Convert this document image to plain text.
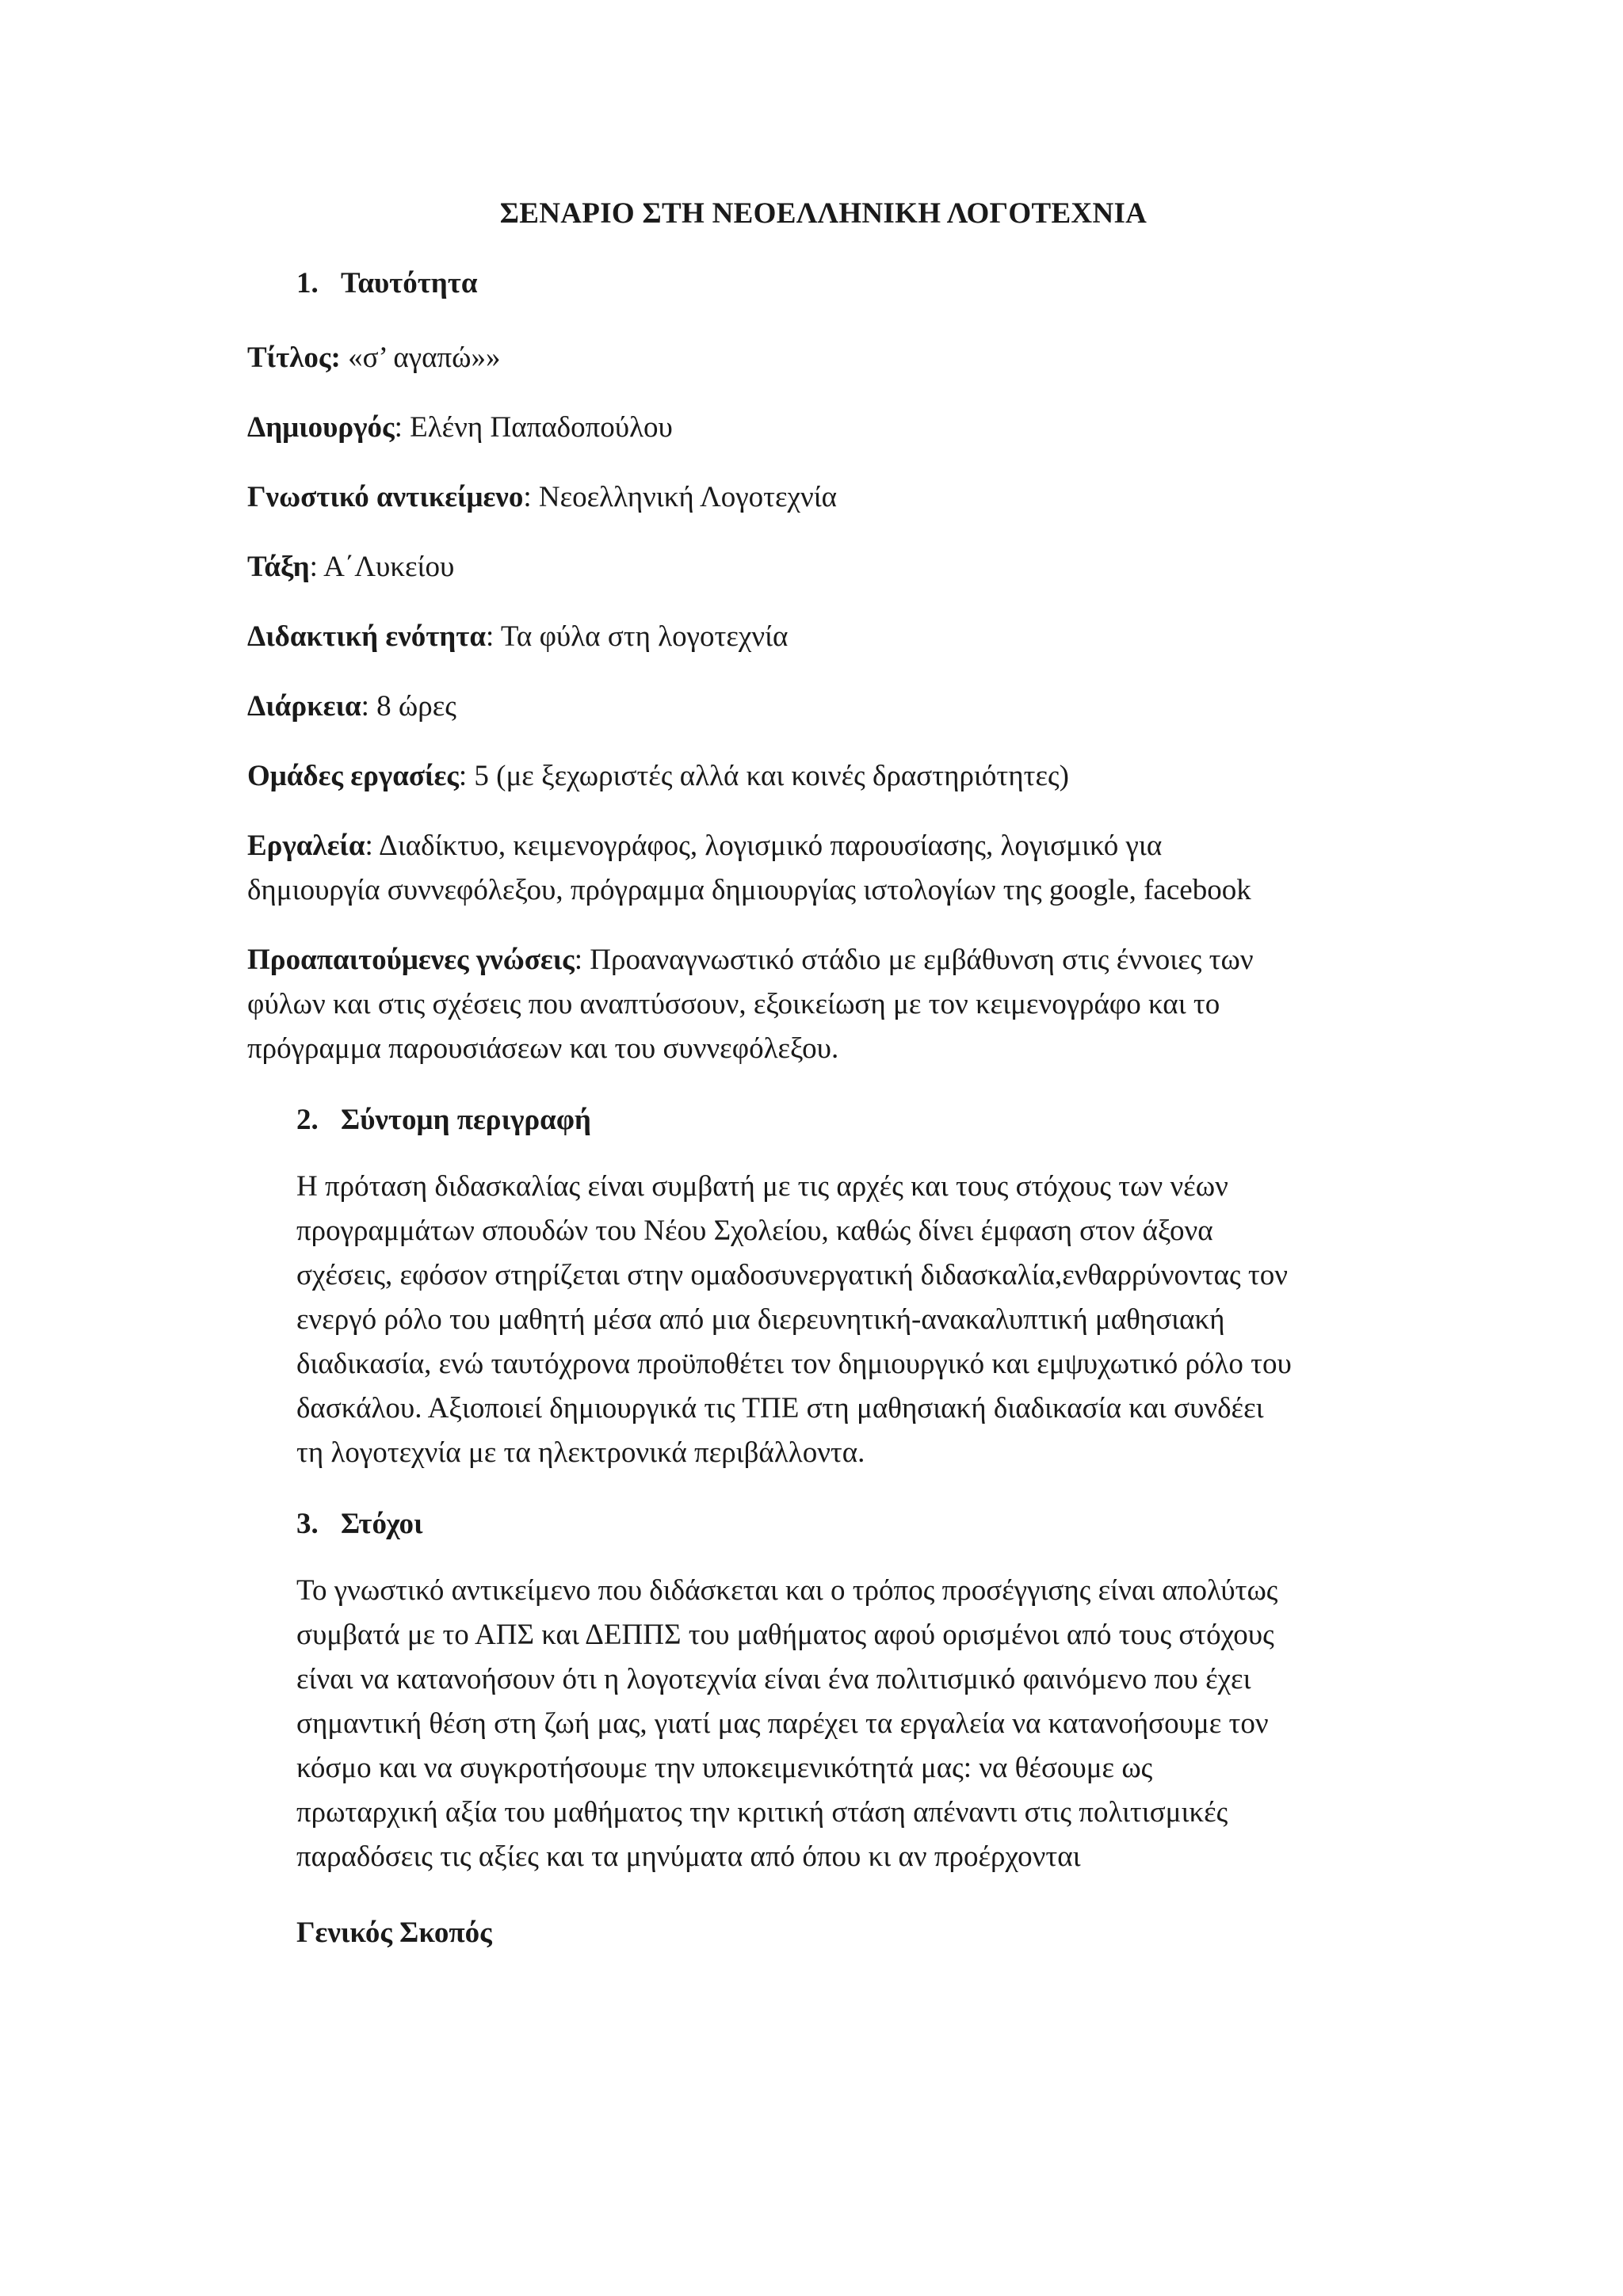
ΣΕΝΑΡΙΟ ΣΤΗ ΝΕΟΕΛΛΗΝΙΚΗ ΛΟΓΟΤΕΧΝΙΑ
1. Ταυτότητα
Τίτλος: «σ’ αγαπώ»»
Δημιουργός: Ελένη Παπαδοπούλου
Γνωστικό αντικείμενο: Νεοελληνική Λογοτεχνία
Τάξη: Α΄Λυκείου
Διδακτική ενότητα: Τα φύλα στη λογοτεχνία
Διάρκεια: 8 ώρες
Ομάδες εργασίες: 5 (με ξεχωριστές αλλά και κοινές δραστηριότητες)
Εργαλεία: Διαδίκτυο, κειμενογράφος, λογισμικό παρουσίασης, λογισμικό για
δημιουργία συννεφόλεξου, πρόγραμμα δημιουργίας ιστολογίων της google, facebook
Προαπαιτούμενες γνώσεις: Προαναγνωστικό στάδιο με εμβάθυνση στις έννοιες των
φύλων και στις σχέσεις που αναπτύσσουν, εξοικείωση με τον κειμενογράφο και το
πρόγραμμα παρουσιάσεων και του συννεφόλεξου.
2. Σύντομη περιγραφή
Η πρόταση διδασκαλίας είναι συμβατή με τις αρχές και τους στόχους των νέων
προγραμμάτων σπουδών του Νέου Σχολείου, καθώς δίνει έμφαση στον άξονα
σχέσεις, εφόσον στηρίζεται στην ομαδοσυνεργατική διδασκαλία,ενθαρρύνοντας τον
ενεργό ρόλο του μαθητή μέσα από μια διερευνητική-ανακαλυπτική μαθησιακή
διαδικασία, ενώ ταυτόχρονα προϋποθέτει τον δημιουργικό και εμψυχωτικό ρόλο του
δασκάλου. Αξιοποιεί δημιουργικά τις ΤΠΕ στη μαθησιακή διαδικασία και συνδέει
τη λογοτεχνία με τα ηλεκτρονικά περιβάλλοντα.
3. Στόχοι
Το γνωστικό αντικείμενο που διδάσκεται και ο τρόπος προσέγγισης είναι απολύτως
συμβατά με το ΑΠΣ και ΔΕΠΠΣ του μαθήματος αφού ορισμένοι από τους στόχους
είναι να κατανοήσουν ότι η λογοτεχνία είναι ένα πολιτισμικό φαινόμενο που έχει
σημαντική θέση στη ζωή μας, γιατί μας παρέχει τα εργαλεία να κατανοήσουμε τον
κόσμο και να συγκροτήσουμε την υποκειμενικότητά μας: να θέσουμε ως
πρωταρχική αξία του μαθήματος την κριτική στάση απέναντι στις πολιτισμικές
παραδόσεις τις αξίες και τα μηνύματα από όπου κι αν προέρχονται
Γενικός Σκοπός
